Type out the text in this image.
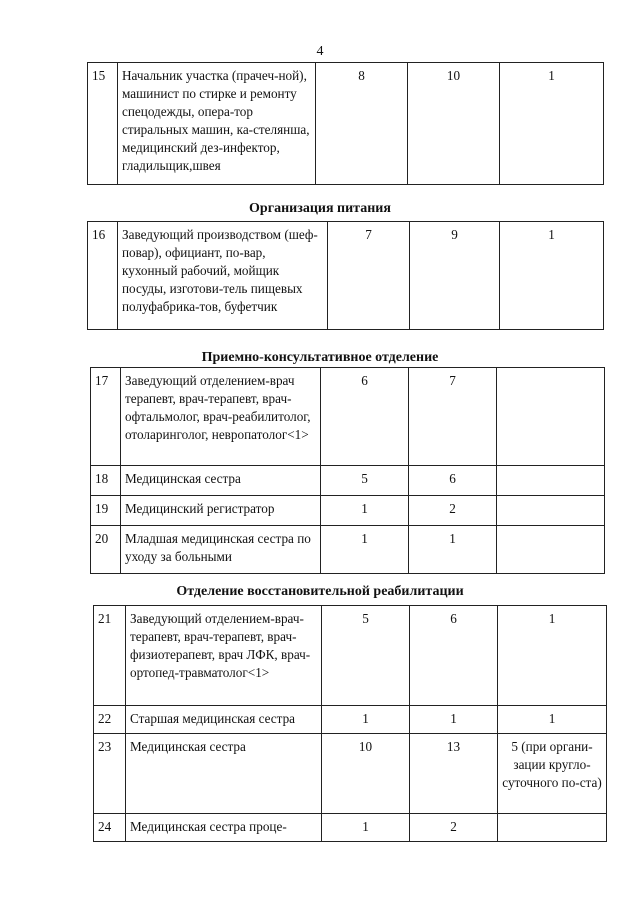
4
15	Начальник участка (прачеч-ной), машинист по стирке и ремонту спецодежды, опера-тор стиральных машин, ка-стелянша, медицинский дез-инфектор, гладильщик,швея	8	10	1
Организация питания
16	Заведующий производством (шеф-повар), официант, по-вар, кухонный рабочий, мойщик посуды, изготови-тель пищевых полуфабрика-тов, буфетчик	7	9	1
Приемно-консультативное отделение
17	Заведующий отделением-врач терапевт, врач-терапевт, врач-офтальмолог, врач-реабилитолог, отоларинголог, невропатолог<1>	6	7	
18	Медицинская сестра	5	6	
19	Медицинский регистратор	1	2	
20	Младшая медицинская сестра по уходу за больными	1	1	
Отделение восстановительной реабилитации
21	Заведующий отделением-врач-терапевт, врач-терапевт, врач-физиотерапевт, врач ЛФК, врач-ортопед-травматолог<1>	5	6	1
22	Старшая медицинская сестра	1	1	1
23	Медицинская сестра	10	13	5 (при органи-зации кругло-суточного по-ста)
24	Медицинская сестра проце-	1	2	
